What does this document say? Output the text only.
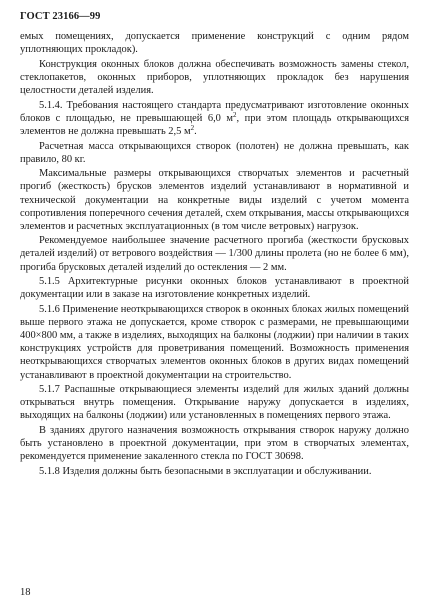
ГОСТ 23166—99

емых помещениях, допускается применение конструкций с одним рядом уплотняющих прокладок).

Конструкция оконных блоков должна обеспечивать возможность замены стекол, стеклопакетов, оконных приборов, уплотняющих прокладок без нарушения целостности деталей изделия.

5.1.4. Требования настоящего стандарта предусматривают изготовление оконных блоков с площадью, не превышающей 6,0 $м^2$, при этом площадь открывающихся элементов не должна превышать 2,5 $м^2$.

Расчетная масса открывающихся створок (полотен) не должна превышать, как правило, 80 кг.

Максимальные размеры открывающихся створчатых элементов и расчетный прогиб (жесткость) брусков элементов изделий устанавливают в нормативной и технической документации на конкретные виды изделий с учетом момента сопротивления поперечного сечения деталей, схем открывания, массы открывающихся элементов и расчетных эксплуатационных (в том числе ветровых) нагрузок.

Рекомендуемое наибольшее значение расчетного прогиба (жесткости брусковых деталей изделий) от ветрового воздействия — 1/300 длины пролета (но не более 6 мм), прогиба брусковых деталей изделий до остекления — 2 мм.

5.1.5 Архитектурные рисунки оконных блоков устанавливают в проектной документации или в заказе на изготовление конкретных изделий.

5.1.6 Применение неоткрывающихся створок в оконных блоках жилых помещений выше первого этажа не допускается, кроме створок с размерами, не превышающими 400×800 мм, а также в изделиях, выходящих на балконы (лоджии) при наличии в таких конструкциях устройств для проветривания помещений. Возможность применения неоткрывающихся створчатых элементов оконных блоков в других видах помещений устанавливают в проектной документации на строительство.

5.1.7 Распашные открывающиеся элементы изделий для жилых зданий должны открываться внутрь помещения. Открывание наружу допускается в изделиях, выходящих на балконы (лоджии) или установленных в помещениях первого этажа.

В зданиях другого назначения возможность открывания створок наружу должно быть установлено в проектной документации, при этом в створчатых элементах, рекомендуется применение закаленного стекла по ГОСТ 30698.

5.1.8 Изделия должны быть безопасными в эксплуатации и обслуживании.

18
